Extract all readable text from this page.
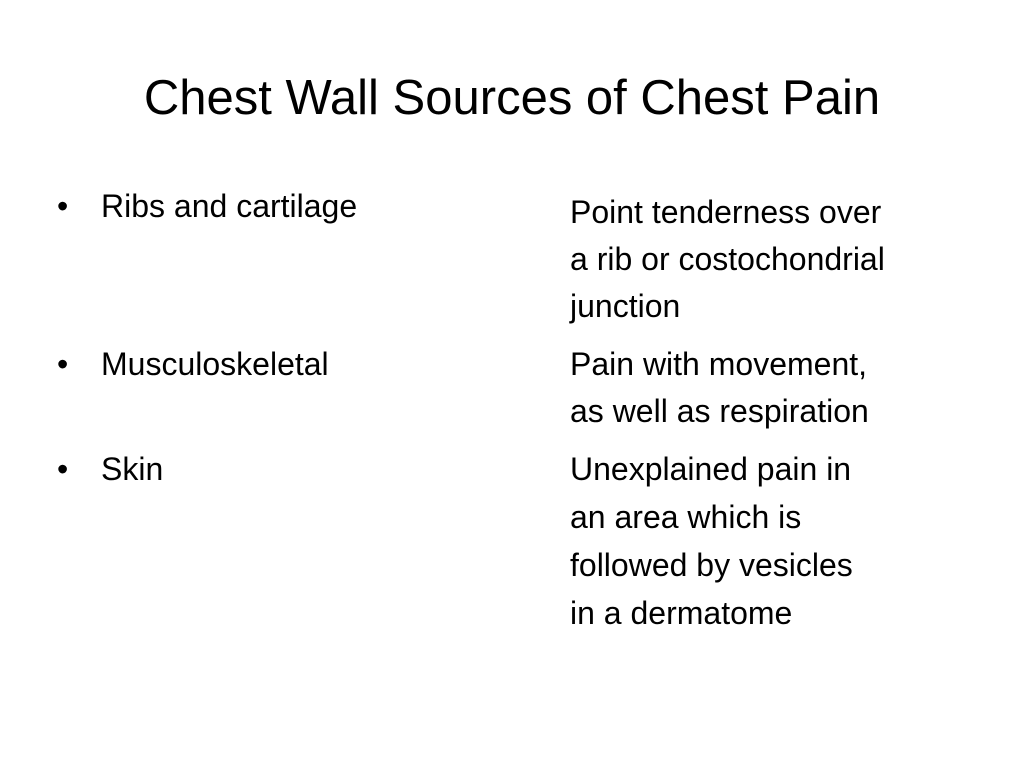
Chest Wall Sources of Chest Pain
• Ribs and cartilage
• Musculoskeletal
• Skin
Point tenderness over
a rib or costochondrial
junction
Pain with movement,
as well as respiration
Unexplained pain in
an area which is
followed by vesicles
in a dermatome
